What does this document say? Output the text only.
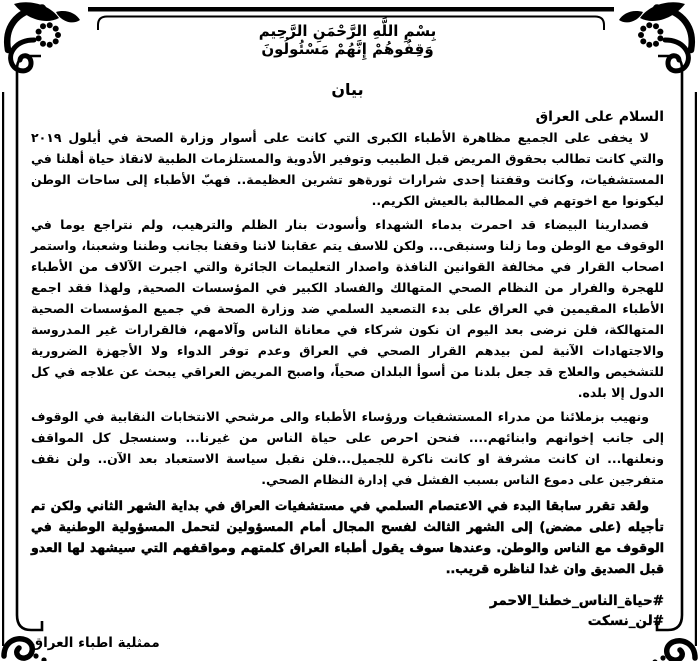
بِسْمِ اللَّهِ الرَّحْمَنِ الرَّحِيم
وَقِفُوهُمْ إِنَّهُمْ مَسْئُولُونَ

بيان

السلام على العراق

لا يخفى على الجميع مظاهرة الأطباء الكبرى التي كانت على أسوار وزارة الصحة في أيلول ٢٠١٩ والتي كانت تطالب بحقوق المريض قبل الطبيب وتوفير الأدوية والمستلزمات الطبية لانقاذ حياة أهلنا في المستشفيات، وكانت وقفتنا إحدى شرارات ثورةهو تشرين العظيمة.. فهبّ الأطباء إلى ساحات الوطن ليكونوا مع اخوتهم في المطالبة بالعيش الكريم..

فصدارينا البيضاء قد احمرت بدماء الشهداء وأسودت بنار الظلم والترهيب، ولم نتراجع يوما في الوقوف مع الوطن وما زلنا وسنبقى... ولكن للاسف يتم عقابنا لاننا وقفنا بجانب وطننا وشعبنا، واستمر اصحاب القرار في مخالفة القوانين النافذة واصدار التعليمات الجائرة والتي اجبرت الآلاف من الأطباء للهجرة والفرار من النظام الصحي المتهالك والفساد الكبير في المؤسسات الصحية, ولهذا فقد اجمع الأطباء المقيمين في العراق على بدء التصعيد السلمي ضد وزارة الصحة في جميع المؤسسات الصحية المتهالكة، فلن نرضى بعد اليوم ان نكون شركاء في معاناة الناس وآلامهم، فالقرارات غير المدروسة والاجتهادات الآنية لمن بيدهم القرار الصحي في العراق وعدم توفر الدواء ولا الأجهزة الضرورية للتشخيص والعلاج قد جعل بلدنا من أسوأ البلدان صحياً، واصبح المريض العراقي يبحث عن علاجه في كل الدول إلا بلده.

ونهيب بزملائنا من مدراء المستشفيات ورؤساء الأطباء والى مرشحي الانتخابات النقابية في الوقوف إلى جانب إخوانهم وابنائهم.... فنحن احرص على حياة الناس من غيرنا... وسنسجل كل المواقف ونعلنها... ان كانت مشرفة او كانت ناكرة للجميل...فلن نقبل سياسة الاستعباد بعد الآن.. ولن نقف متفرجين على دموع الناس بسبب الفشل في إدارة النظام الصحي.

ولقد تقرر سابقا البدء في الاعتصام السلمي في مستشفيات العراق في بداية الشهر الثاني ولكن تم تأجيله (على مضض) إلى الشهر الثالث لفسح المجال أمام المسؤولين لتحمل المسؤولية الوطنية في الوقوف مع الناس والوطن. وعندها سوف يقول أطباء العراق كلمتهم ومواقفهم التي سيشهد لها العدو قبل الصديق وان غدا لناظره قريب..

#حياة_الناس_خطنا_الاحمر
#لن_نسكت
ممثلية اطباء العراق
